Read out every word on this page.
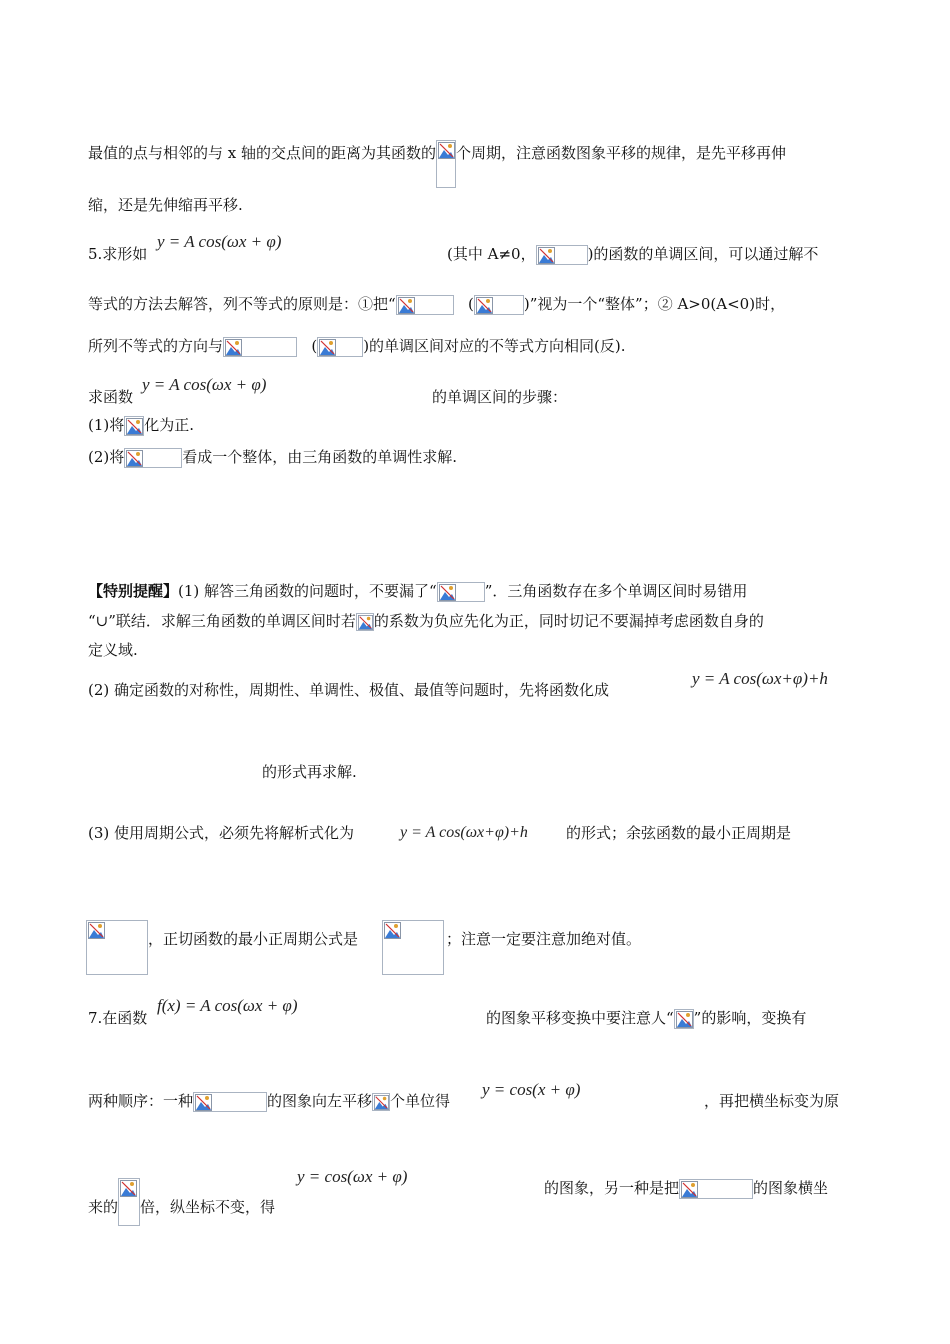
最值的点与相邻的与 x 轴的交点间的距离为其函数的 个周期，注意函数图象平移的规律，是先平移再伸
缩，还是先伸缩再平移.
5.求形如
y = A cos(ωx + φ)
(其中 A≠0，	)的函数的单调区间，可以通过解不
等式的方法去解答，列不等式的原则是：①把“	(	)”视为一个“整体”；② A>0(A<0)时，
所列不等式的方向与	(	)的单调区间对应的不等式方向相同(反).
求函数
y = A cos(ωx + φ)
的单调区间的步骤：
(1)将 化为正.
(2)将	看成一个整体，由三角函数的单调性求解.
【特别提醒】(1) 解答三角函数的问题时，不要漏了“	”．三角函数存在多个单调区间时易错用
“∪”联结．求解三角函数的单调区间时若 的系数为负应先化为正，同时切记不要漏掉考虑函数自身的
定义域.
(2) 确定函数的对称性，周期性、单调性、极值、最值等问题时，先将函数化成
y = A cos(ωx+φ)+h
的形式再求解.
(3) 使用周期公式，必须先将解析式化为	y = A cos(ωx+φ)+h	的形式；余弦函数的最小正周期是
，正切函数的最小正周期公式是	；注意一定要注意加绝对值。
7.在函数
f(x) = A cos(ωx + φ)
的图象平移变换中要注意人“ ”的影响，变换有
两种顺序：一种	的图象向左平移 个单位得
y = cos(x + φ)
，再把横坐标变为原
来的 倍，纵坐标不变，得
y = cos(ωx + φ)
的图象，另一种是把	的图象横坐
